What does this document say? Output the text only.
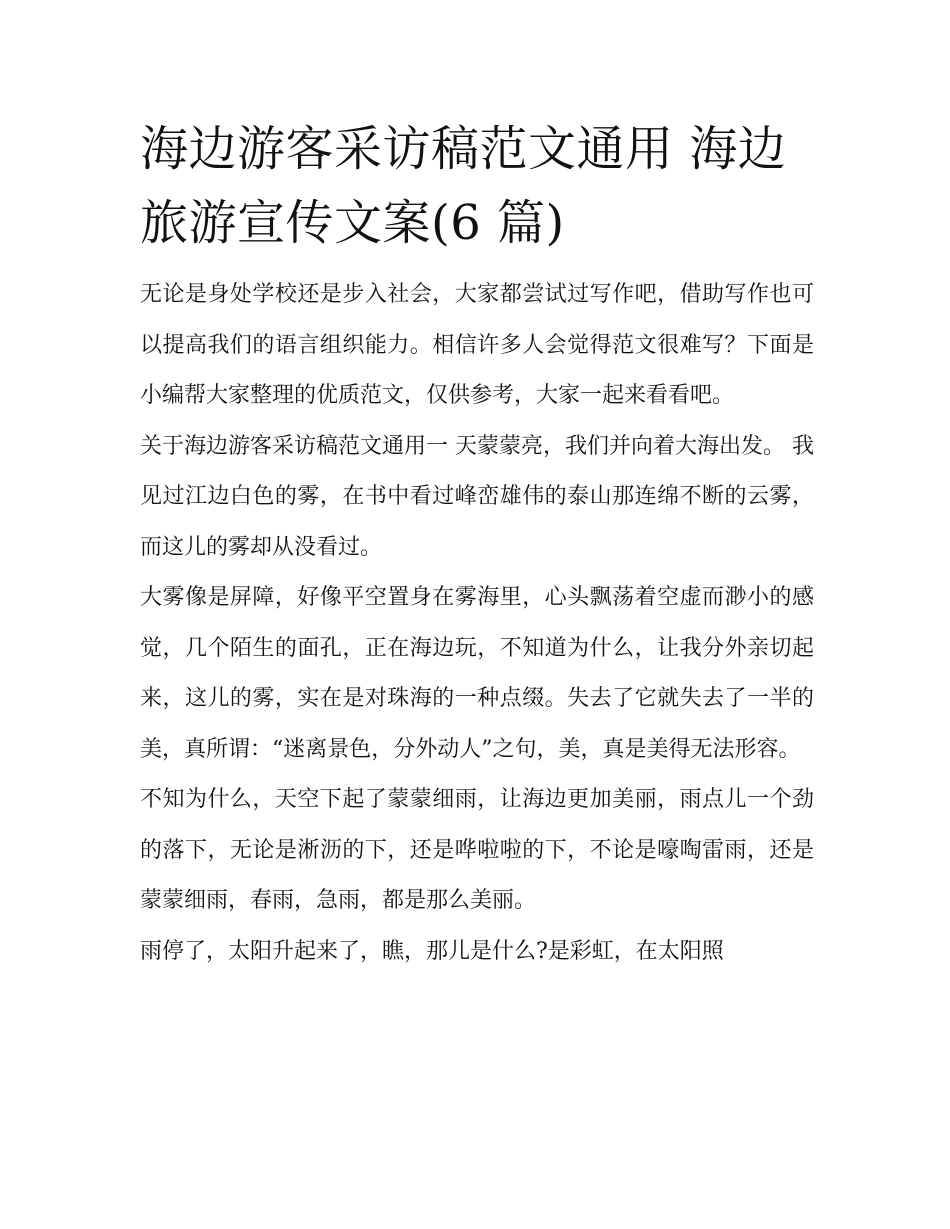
海边游客采访稿范文通用 海边旅游宣传文案(6 篇)

无论是身处学校还是步入社会，大家都尝试过写作吧，借助写作也可以提高我们的语言组织能力。相信许多人会觉得范文很难写？下面是小编帮大家整理的优质范文，仅供参考，大家一起来看看吧。

关于海边游客采访稿范文通用一 天蒙蒙亮，我们并向着大海出发。 我见过江边白色的雾，在书中看过峰峦雄伟的泰山那连绵不断的云雾，而这儿的雾却从没看过。

大雾像是屏障，好像平空置身在雾海里，心头飘荡着空虚而渺小的感觉，几个陌生的面孔，正在海边玩，不知道为什么，让我分外亲切起来，这儿的雾，实在是对珠海的一种点缀。失去了它就失去了一半的美，真所谓：“迷离景色，分外动人”之句，美，真是美得无法形容。

不知为什么，天空下起了蒙蒙细雨，让海边更加美丽，雨点儿一个劲的落下，无论是淅沥的下，还是哗啦啦的下，不论是嚎啕雷雨，还是蒙蒙细雨，春雨，急雨，都是那么美丽。

雨停了，太阳升起来了，瞧，那儿是什么?是彩虹，在太阳照
